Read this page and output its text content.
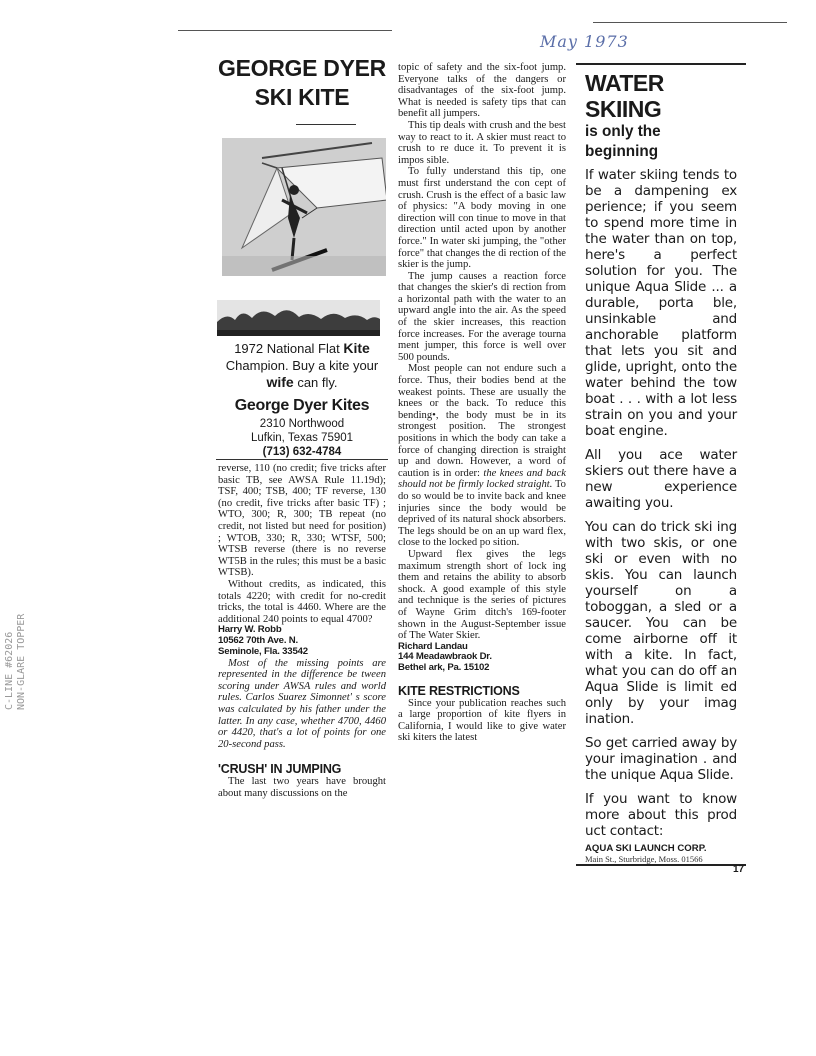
May 1973
C-LINE #62026 NON-GLARE TOPPER
GEORGE DYER
SKI KITE
1972 National Flat Kite
Champion. Buy a kite your
wife can fly.
George Dyer Kites
2310 Northwood
Lufkin, Texas 75901
(713) 632-4784

reverse, 110 (no credit; five tricks after basic TB, see AWSA Rule 11.19d); TSF, 400; TSB, 400; TF reverse, 130 (no credit, five tricks after basic TF) ; WTO, 300; R, 300; TB repeat (no credit, not listed but need for position) ; WTOB, 330; R, 330; WTSF, 500; WTSB reverse (there is no reverse WT5B in the rules; this must be a basic WTSB).

Without credits, as indicated, this totals 4220; with credit for no-credit tricks, the total is 4460. Where are the additional 240 points to equal 4700?

Harry W. Robb
10562 70th Ave. N.
Seminole, Fla. 33542

Most of the missing points are represented in the difference be tween scoring under AWSA rules and world rules. Carlos Suarez Simonnet' s score was calculated by his father under the latter. In any case, whether 4700, 4460 or 4420, that's a lot of points for one 20-second pass.

'CRUSH' IN JUMPING

The last two years have brought about many discussions on the

topic of safety and the six-foot jump. Everyone talks of the dangers or disadvantages of the six-foot jump. What is needed is safety tips that can benefit all jumpers.

This tip deals with crush and the best way to react to it. A skier must react to crush to re duce it. To prevent it is impos sible.

To fully understand this tip, one must first understand the con cept of crush. Crush is the effect of a basic law of physics: "A body moving in one direction will con tinue to move in that direction until acted upon by another force." In water ski jumping, the "other force" that changes the di rection of the skier is the jump.

The jump causes a reaction force that changes the skier's di rection from a horizontal path with the water to an upward angle into the air. As the speed of the skier increases, this reaction force increases. For the average tourna ment jumper, this force is well over 500 pounds.

Most people can not endure such a force. Thus, their bodies bend at the weakest points. These are usually the knees or the back. To reduce this bending•, the body must be in its strongest position. The strongest positions in which the body can take a force of changing direction is straight up and down. However, a word of caution is in order: the knees and back should not be firmly locked straight. To do so would be to invite back and knee injuries since the body would be deprived of its natural shock absorbers. The legs should be on an up ward flex, close to the locked po sition.

Upward flex gives the legs maximum strength short of lock ing them and retains the ability to absorb shock. A good example of this style and technique is the series of pictures of Wayne Grim ditch's 169-footer shown in the August-September issue of The Water Skier.

Richard Landau
144 Meadawbraok Dr.
Bethel ark, Pa. 15102
KITE RESTRICTIONS

Since your publication reaches such a large proportion of kite flyers in California, I would like to give water ski kiters the latest

WATER SKIING
is only the beginning

If water skiing tends to be a dampening ex perience; if you seem to spend more time in the water than on top, here's a perfect solution for you. The unique Aqua Slide ... a durable, porta ble, unsinkable and anchorable platform that lets you sit and glide, upright, onto the water behind the tow boat . . . with a lot less strain on you and your boat engine.

All you ace water skiers out there have a new experience awaiting you.

You can do trick ski ing with two skis, or one ski or even with no skis. You can launch yourself on a toboggan, a sled or a saucer. You can be come airborne off it with a kite. In fact, what you can do off an Aqua Slide is limit ed only by your imag ination.

So get carried away by your imagination . and the unique Aqua Slide.

If you want to know more about this prod uct contact:

AQUA SKI LAUNCH CORP.
Main St., Sturbridge, Moss. 01566
17
